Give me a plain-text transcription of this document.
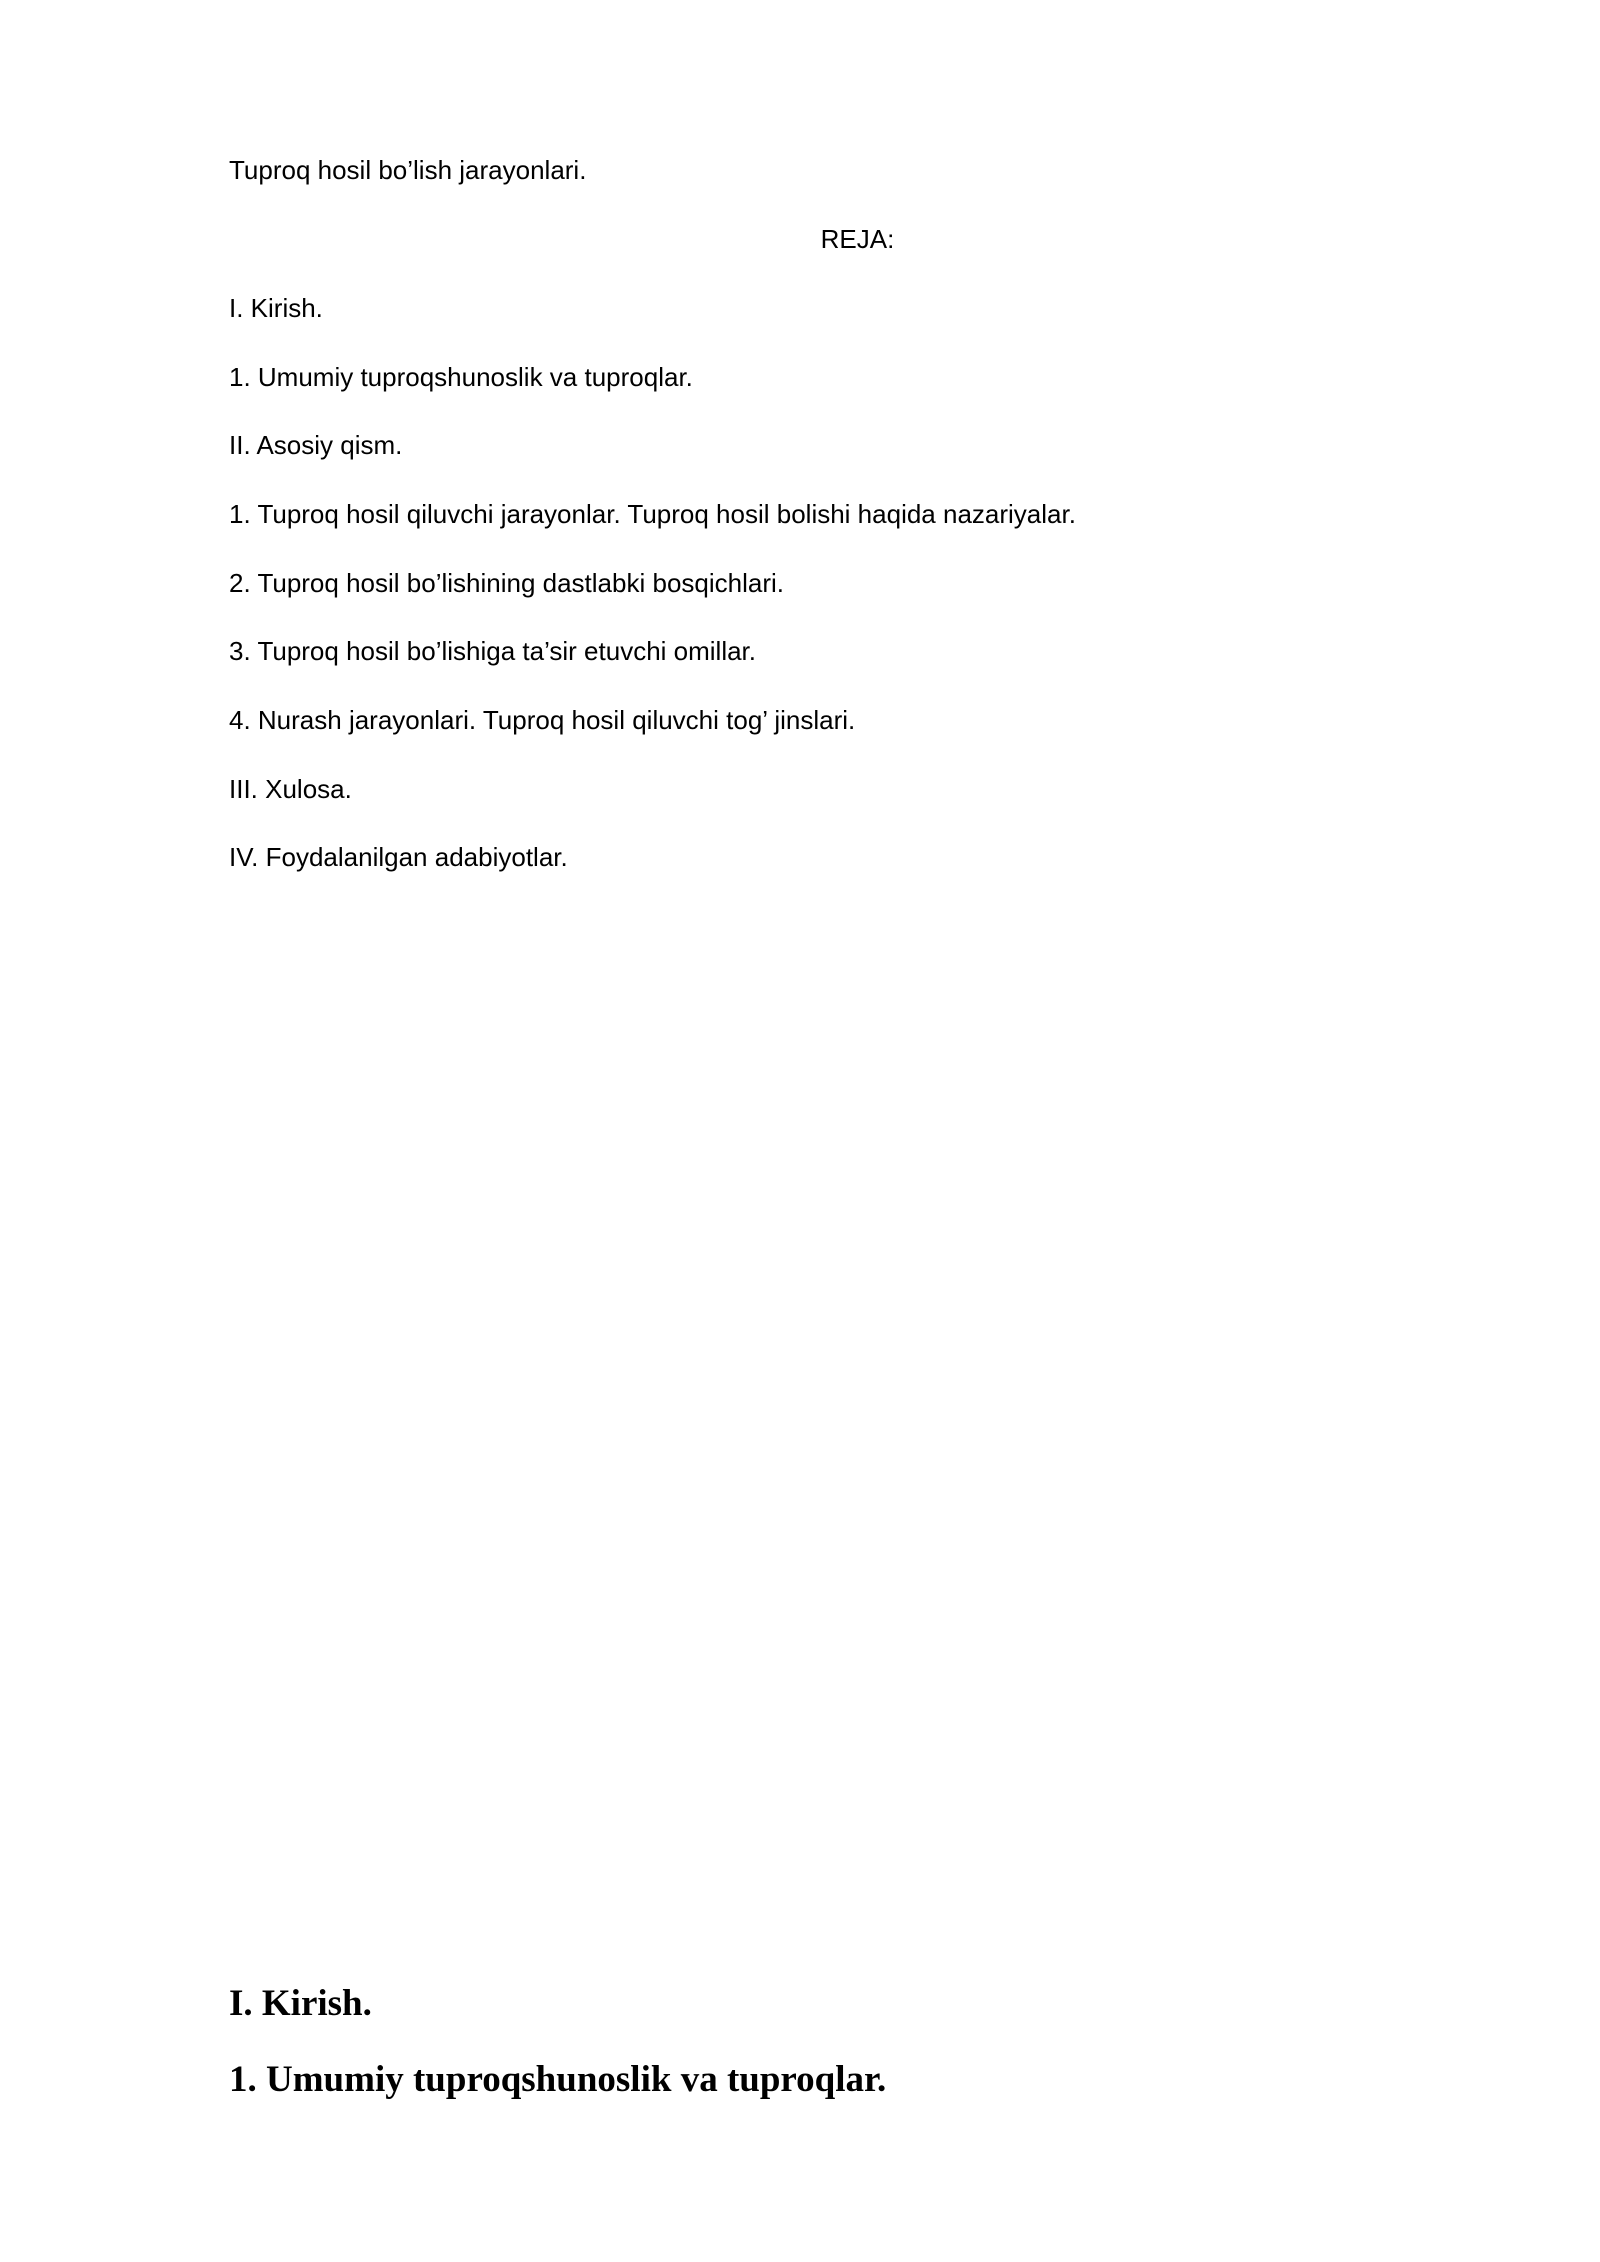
Tuproq hosil bo’lish jarayonlari.

REJA:

I. Kirish.

1. Umumiy tuproqshunoslik va tuproqlar.

II. Asosiy qism.

1. Tuproq hosil qiluvchi jarayonlar. Tuproq hosil bolishi haqida nazariyalar.

2. Tuproq hosil bo’lishining dastlabki bosqichlari.

3. Tuproq hosil bo’lishiga ta’sir etuvchi omillar.

4. Nurash jarayonlari. Tuproq hosil qiluvchi tog’ jinslari.

III. Xulosa.

IV. Foydalanilgan adabiyotlar.

I. Kirish.
1. Umumiy tuproqshunoslik va tuproqlar.
